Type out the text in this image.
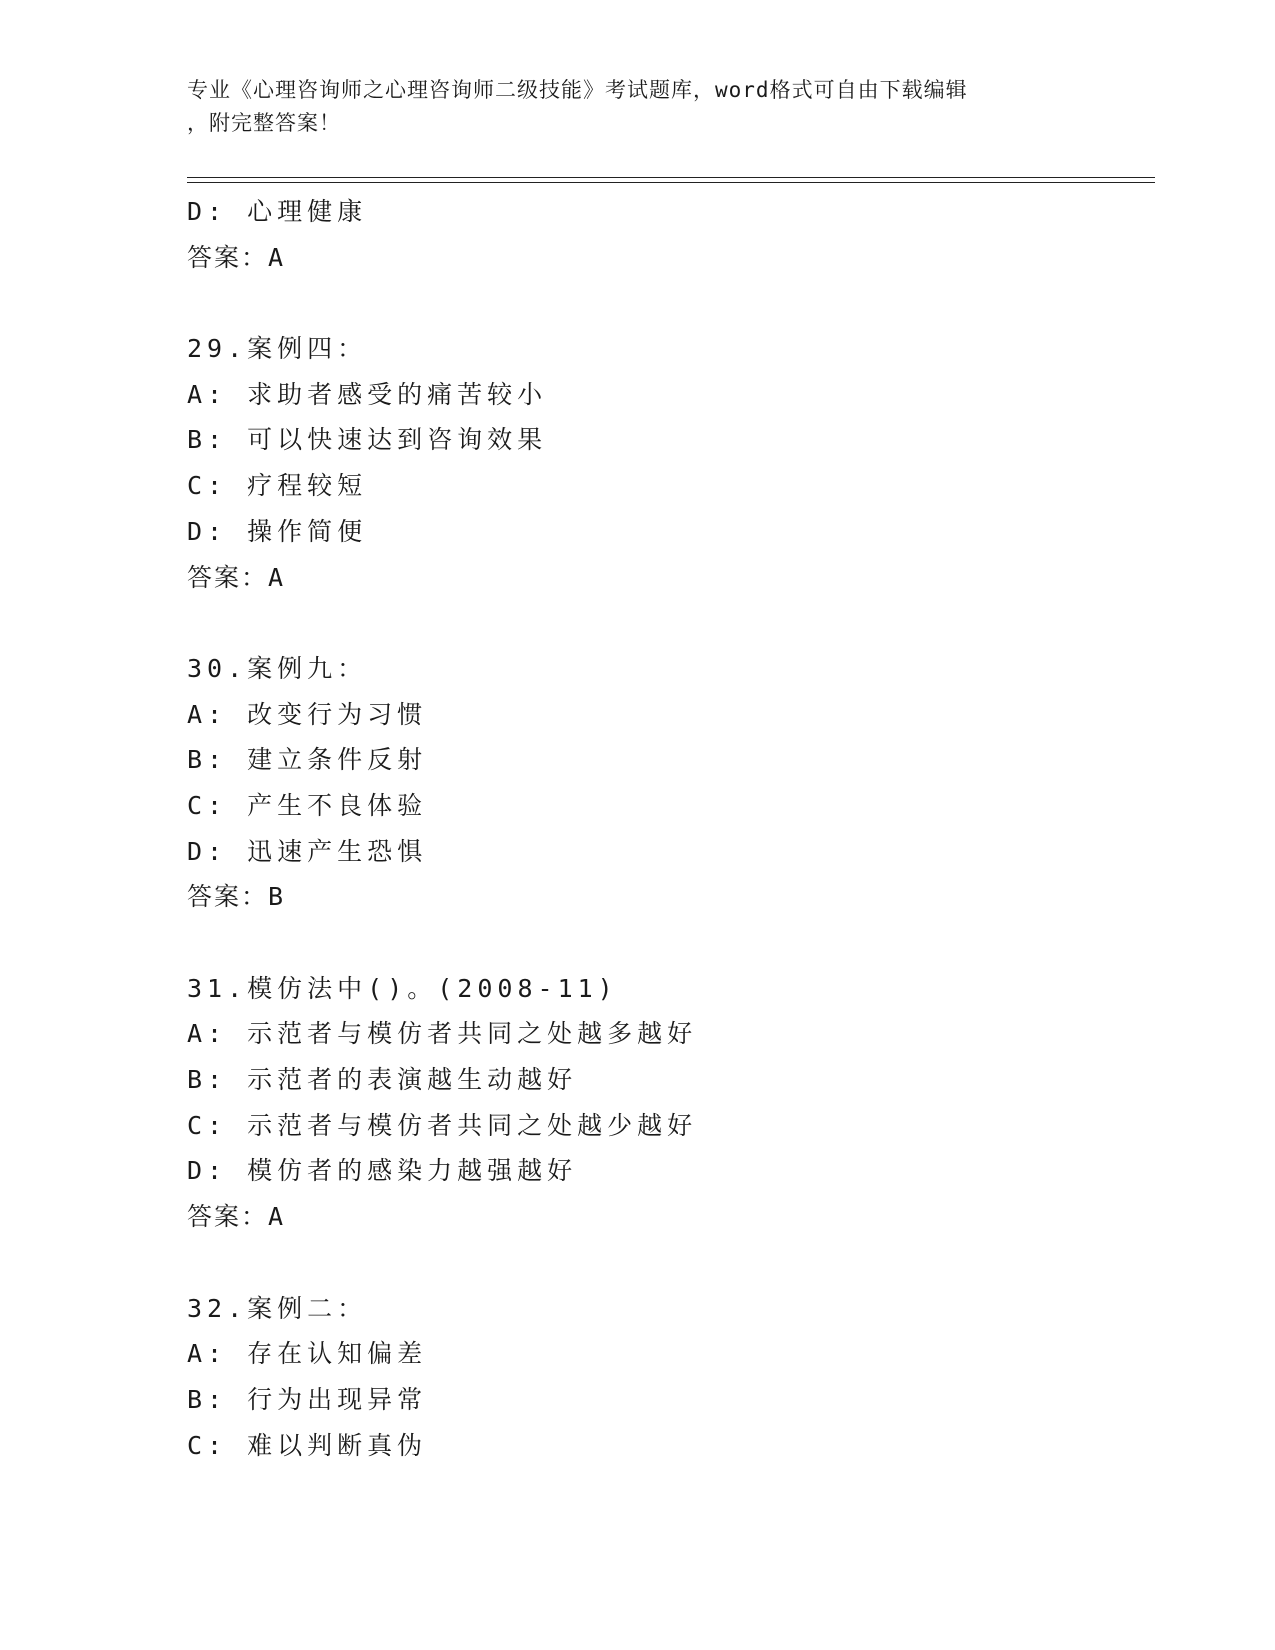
专业《心理咨询师之心理咨询师二级技能》考试题库，word格式可自由下载编辑
，附完整答案！
D: 心理健康
答案：A
29.案例四：
A: 求助者感受的痛苦较小
B: 可以快速达到咨询效果
C: 疗程较短
D: 操作简便
答案：A
30.案例九：
A: 改变行为习惯
B: 建立条件反射
C: 产生不良体验
D: 迅速产生恐惧
答案：B
31.模仿法中()。(2008-11)
A: 示范者与模仿者共同之处越多越好
B: 示范者的表演越生动越好
C: 示范者与模仿者共同之处越少越好
D: 模仿者的感染力越强越好
答案：A
32.案例二：
A: 存在认知偏差
B: 行为出现异常
C: 难以判断真伪
